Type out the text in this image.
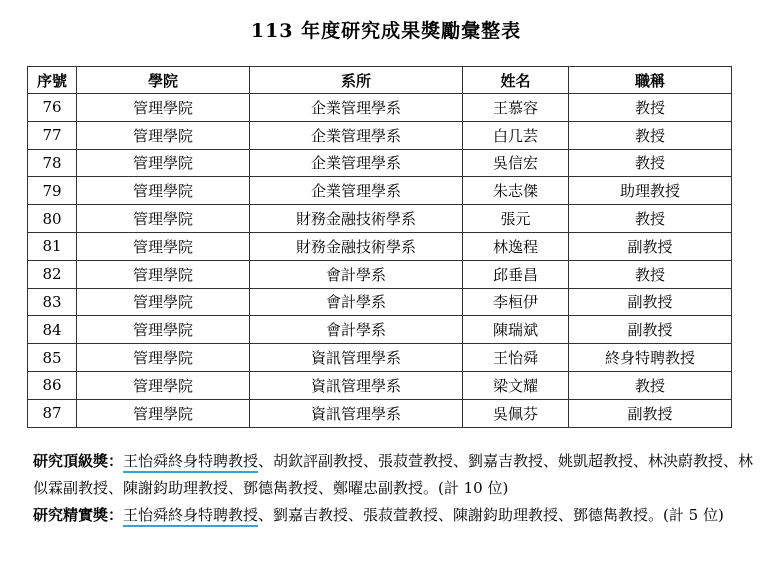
113 年度研究成果獎勵彙整表
序號	學院	系所	姓名	職稱
76	管理學院	企業管理學系	王慕容	教授
77	管理學院	企業管理學系	白几芸	教授
78	管理學院	企業管理學系	吳信宏	教授
79	管理學院	企業管理學系	朱志傑	助理教授
80	管理學院	財務金融技術學系	張元	教授
81	管理學院	財務金融技術學系	林逸程	副教授
82	管理學院	會計學系	邱垂昌	教授
83	管理學院	會計學系	李桓伊	副教授
84	管理學院	會計學系	陳瑞斌	副教授
85	管理學院	資訊管理學系	王怡舜	終身特聘教授
86	管理學院	資訊管理學系	梁文耀	教授
87	管理學院	資訊管理學系	吳佩芬	副教授

研究頂級獎：王怡舜終身特聘教授、胡欽評副教授、張菽萱教授、劉嘉吉教授、姚凱超教授、林泱蔚教授、林似霖副教授、陳謝鈞助理教授、鄧德雋教授、鄭曜忠副教授。(計 10 位)

研究精實獎：王怡舜終身特聘教授、劉嘉吉教授、張菽萱教授、陳謝鈞助理教授、鄧德雋教授。(計 5 位)
